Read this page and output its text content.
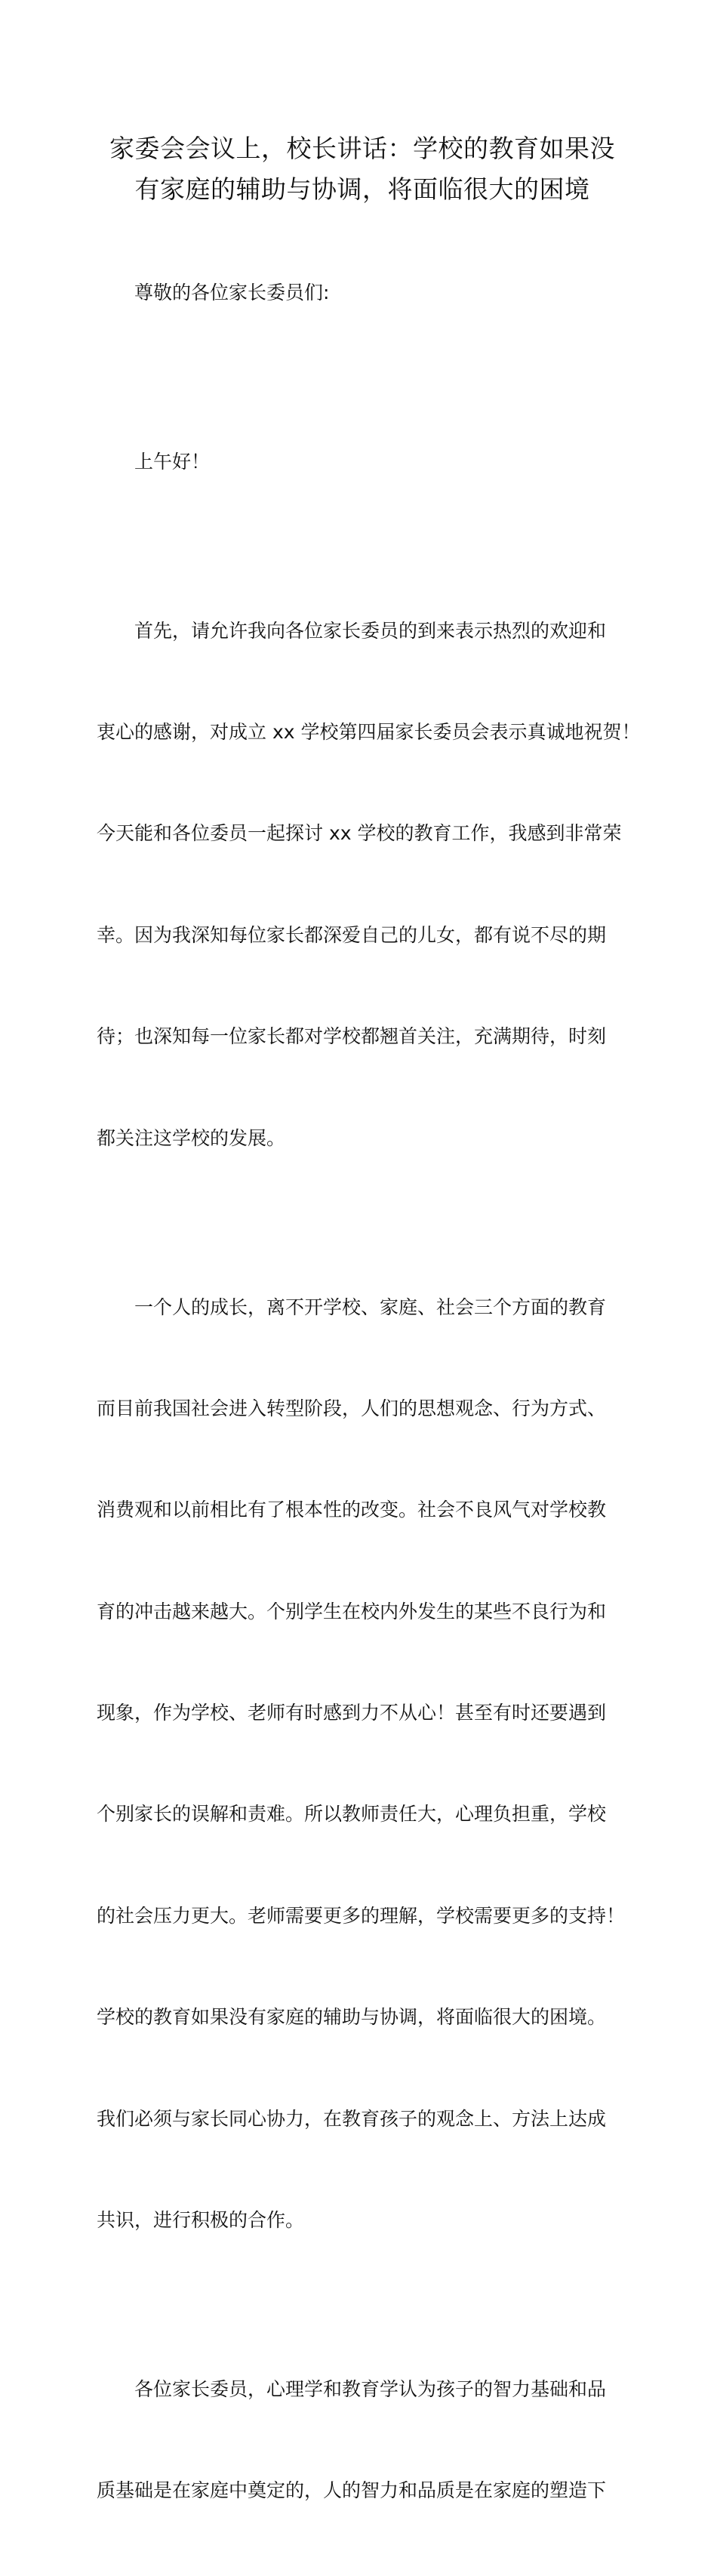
家委会会议上，校长讲话：学校的教育如果没
有家庭的辅助与协调，将面临很大的困境

尊敬的各位家长委员们:

上午好！

首先，请允许我向各位家长委员的到来表示热烈的欢迎和

衷心的感谢，对成立 xx 学校第四届家长委员会表示真诚地祝贺！

今天能和各位委员一起探讨 xx 学校的教育工作，我感到非常荣

幸。因为我深知每位家长都深爱自己的儿女，都有说不尽的期

待；也深知每一位家长都对学校都翘首关注，充满期待，时刻

都关注这学校的发展。

一个人的成长，离不开学校、家庭、社会三个方面的教育

而目前我国社会进入转型阶段，人们的思想观念、行为方式、

消费观和以前相比有了根本性的改变。社会不良风气对学校教

育的冲击越来越大。个别学生在校内外发生的某些不良行为和

现象，作为学校、老师有时感到力不从心！甚至有时还要遇到

个别家长的误解和责难。所以教师责任大，心理负担重，学校

的社会压力更大。老师需要更多的理解，学校需要更多的支持！

学校的教育如果没有家庭的辅助与协调，将面临很大的困境。

我们必须与家长同心协力，在教育孩子的观念上、方法上达成

共识，进行积极的合作。

各位家长委员，心理学和教育学认为孩子的智力基础和品

质基础是在家庭中奠定的，人的智力和品质是在家庭的塑造下
